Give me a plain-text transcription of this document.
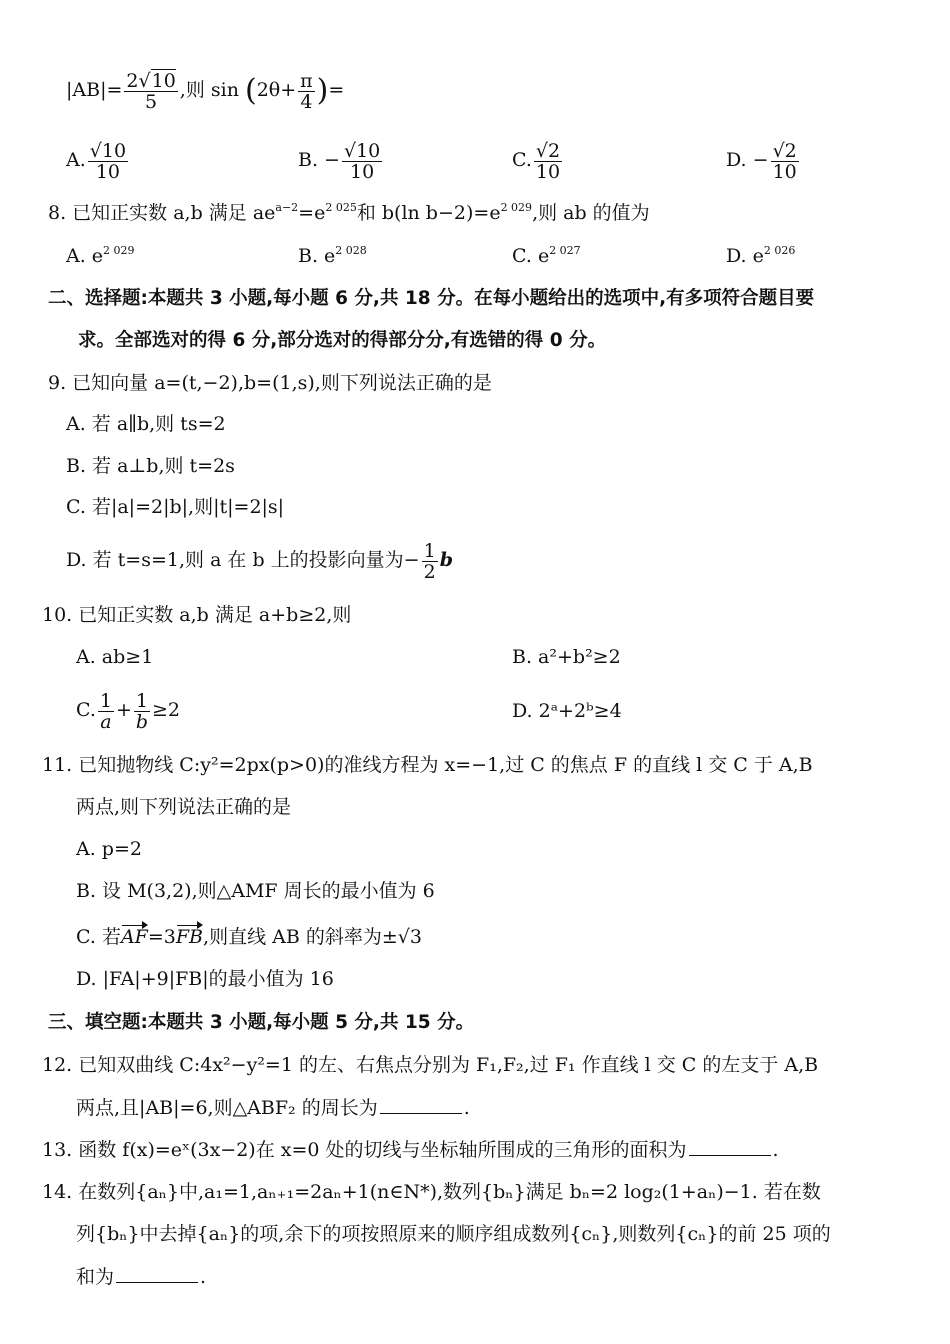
$|AB|= \frac{2√10}{5}$ ,则 $\sin (2\theta+ \frac{\pi}{4}$ )=
A. $\frac{√10}{10}$	B. − $\frac{√10}{10}$	C. $\frac{√2}{10}$	D. − $\frac{√2}{10}$
8. 已知正实数 a,b 满足 $ae^{a-2}=e^{2 025}$和 b(ln $b-2)=e^{2 029}$,则 ab 的值为
A. $e^{2 029}$	B. $e^{2 028}$	C. $e^{2 027}$	D. $e^{2 026}$
二、选择题:本题共 3 小题,每小题 6 分,共 18 分。在每小题给出的选项中,有多项符合题目要
求。全部选对的得 6 分,部分选对的得部分分,有选错的得 0 分。
9. 已知向量 a=(t,−2),b=(1,s),则下列说法正确的是
A. 若 a∥b,则 ts=2
B. 若 a⊥b,则 t=2s
C. 若|a|=2|b|,则|t|=2|s|
D. 若 t=s=1,则 a 在 b 上的投影向量为− $\frac{1}{2}$ b
10. 已知正实数 a,b 满足 a+b≥2,则
A. ab≥1	B. a²+b²≥2
C. $\frac{1}{a} + \frac{1}{b} \ge 2$	D. 2ᵃ+2ᵇ≥4
11. 已知抛物线 C:y²=2px(p>0)的准线方程为 x=−1,过 C 的焦点 F 的直线 l 交 C 于 A,B
两点,则下列说法正确的是
A. p=2
B. 设 M(3,2),则△AMF 周长的最小值为 6
C. 若AF=3FB,则直线 AB 的斜率为±√3
D. |FA|+9|FB|的最小值为 16
三、填空题:本题共 3 小题,每小题 5 分,共 15 分。
12. 已知双曲线 C:4x²−y²=1 的左、右焦点分别为 F₁,F₂,过 F₁ 作直线 l 交 C 的左支于 A,B
两点,且|AB|=6,则△ABF₂ 的周长为	.
13. 函数 f(x)=eˣ(3x−2)在 x=0 处的切线与坐标轴所围成的三角形的面积为	.
14. 在数列{aₙ}中,a₁=1,aₙ₊₁=2aₙ+1(n∈N*),数列{bₙ}满足 bₙ=2 log₂(1+aₙ)−1. 若在数
列{bₙ}中去掉{aₙ}的项,余下的项按照原来的顺序组成数列{cₙ},则数列{cₙ}的前 25 项的
和为	.
